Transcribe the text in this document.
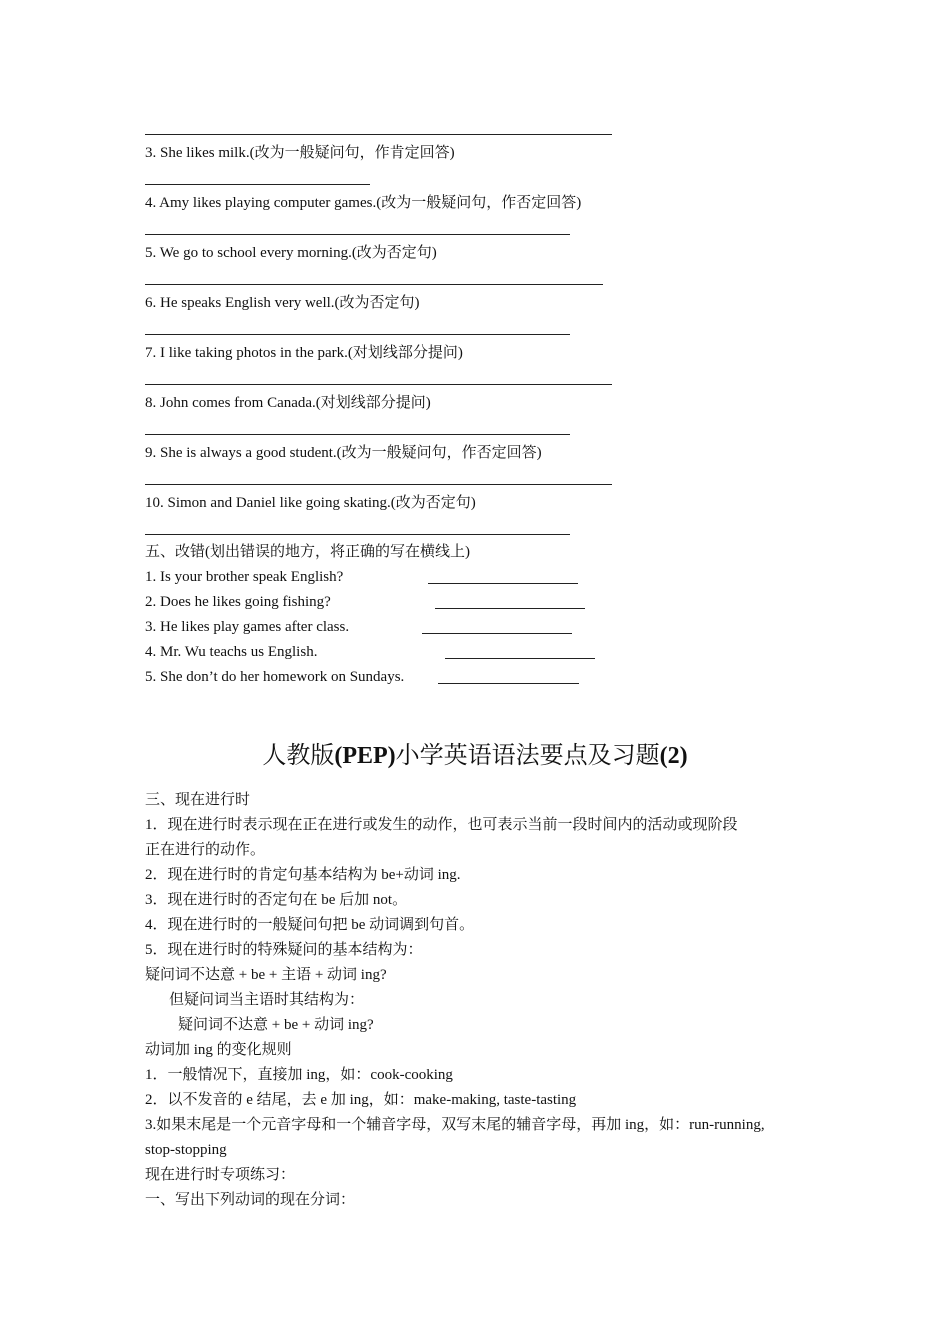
3. She likes milk.(改为一般疑问句，作肯定回答)
4. Amy likes playing computer games.(改为一般疑问句，作否定回答)
5. We go to school every morning.(改为否定句)
6. He speaks English very well.(改为否定句)
7. I like taking photos in the park.(对划线部分提问)
8. John comes from Canada.(对划线部分提问)
9. She is always a good student.(改为一般疑问句，作否定回答)
10. Simon and Daniel like going skating.(改为否定句)
五、改错(划出错误的地方，将正确的写在横线上)
1. Is your brother speak English?
2. Does he likes going fishing?
3. He likes play games after class.
4. Mr. Wu teachs us English.
5. She don’t do her homework on Sundays.
人教版(PEP)小学英语语法要点及习题(2)
三、现在进行时
1．现在进行时表示现在正在进行或发生的动作，也可表示当前一段时间内的活动或现阶段
正在进行的动作。
2．现在进行时的肯定句基本结构为 be+动词 ing.
3．现在进行时的否定句在 be 后加 not。
4．现在进行时的一般疑问句把 be 动词调到句首。
5．现在进行时的特殊疑问的基本结构为：
疑问词不达意 + be + 主语 + 动词 ing?
但疑问词当主语时其结构为：
疑问词不达意 + be + 动词 ing?
动词加 ing 的变化规则
1．一般情况下，直接加 ing，如：cook-cooking
2．以不发音的 e 结尾，去 e 加 ing，如：make-making, taste-tasting
3.如果末尾是一个元音字母和一个辅音字母，双写末尾的辅音字母，再加 ing，如：run-running,
stop-stopping
现在进行时专项练习：
一、写出下列动词的现在分词：
